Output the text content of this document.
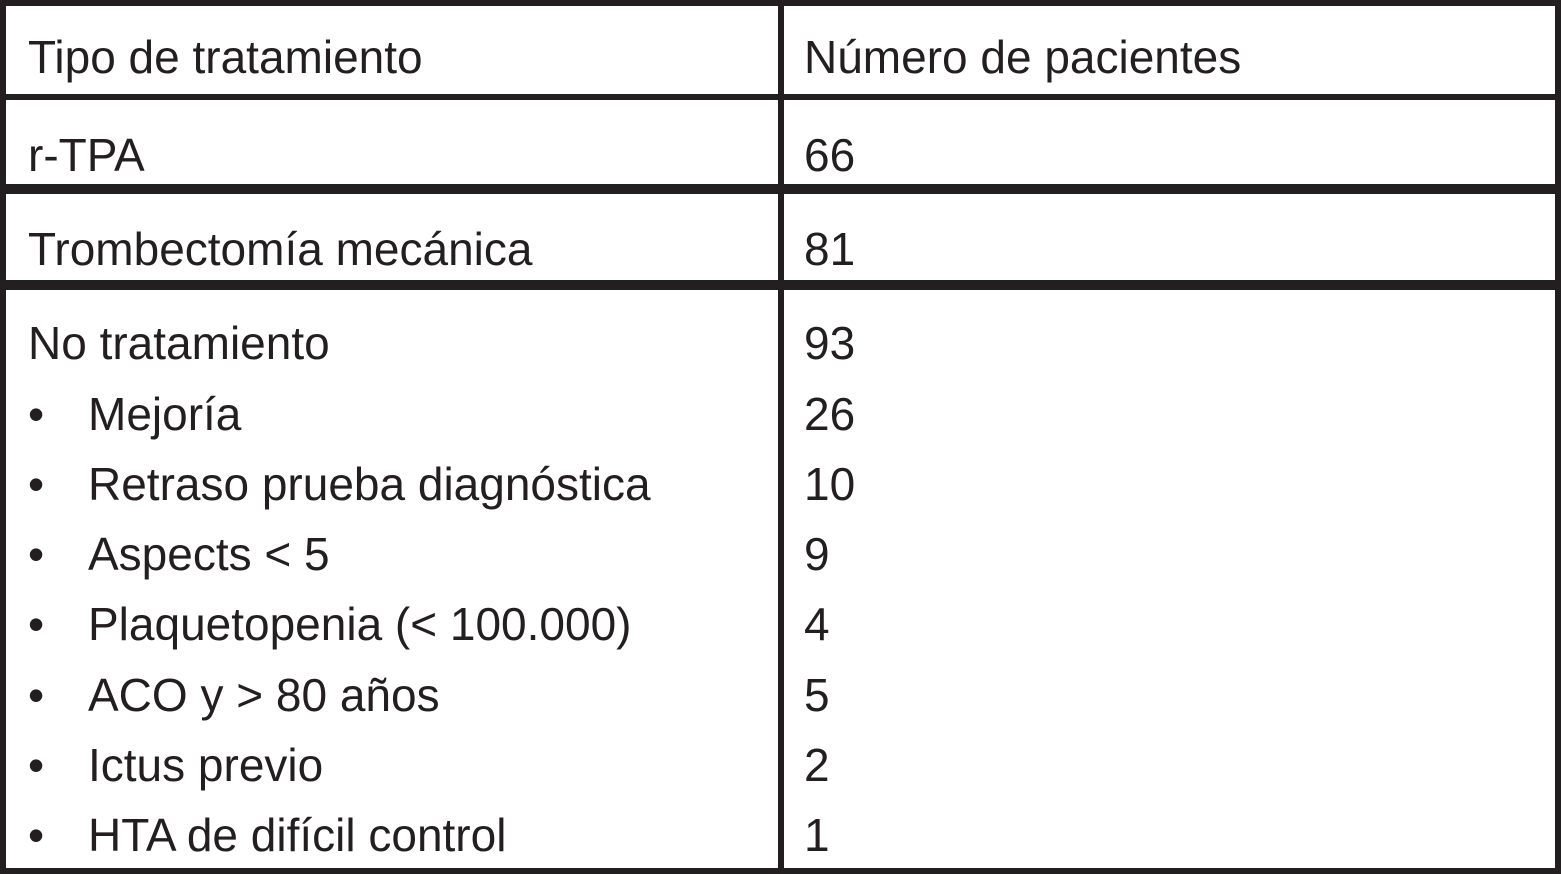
Tipo de tratamiento	Número de pacientes
r-TPA	66
Trombectomía mecánica	81
No tratamiento	93
• Mejoría	26
• Retraso prueba diagnóstica	10
• Aspects < 5	9
• Plaquetopenia (< 100.000)	4
• ACO y > 80 años	5
• Ictus previo	2
• HTA de difícil control	1
